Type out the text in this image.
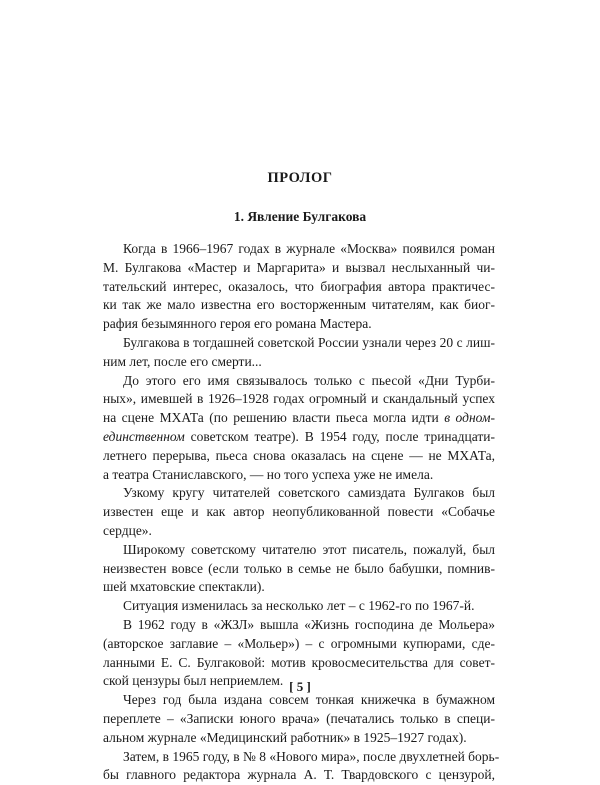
ПРОЛОГ
1. Явление Булгакова
Когда в 1966–1967 годах в журнале «Москва» появился роман
М. Булгакова «Мастер и Маргарита» и вызвал неслыханный чи-
тательский интерес, оказалось, что биография автора практичес-
ки так же мало известна его восторженным читателям, как биог-
рафия безымянного героя его романа Мастера.
Булгакова в тогдашней советской России узнали через 20 с лиш-
ним лет, после его смерти...
До этого его имя связывалось только с пьесой «Дни Турби-
ных», имевшей в 1926–1928 годах огромный и скандальный успех
на сцене МХАТа (по решению власти пьеса могла идти в одном-
единственном советском театре). В 1954 году, после тринадцати-
летнего перерыва, пьеса снова оказалась на сцене — не МХАТа,
а театра Станиславского, — но того успеха уже не имела.
Узкому кругу читателей советского самиздата Булгаков был
известен еще и как автор неопубликованной повести «Собачье
сердце».
Широкому советскому читателю этот писатель, пожалуй, был
неизвестен вовсе (если только в семье не было бабушки, помнив-
шей мхатовские спектакли).
Ситуация изменилась за несколько лет – с 1962-го по 1967-й.
В 1962 году в «ЖЗЛ» вышла «Жизнь господина де Мольера»
(авторское заглавие – «Мольер») – с огромными купюрами, сде-
ланными Е. С. Булгаковой: мотив кровосмесительства для совет-
ской цензуры был неприемлем.
Через год была издана совсем тонкая книжечка в бумажном
переплете – «Записки юного врача» (печатались только в специ-
альном журнале «Медицинский работник» в 1925–1927 годах).
Затем, в 1965 году, в № 8 «Нового мира», после двухлетней борь-
бы главного редактора журнала А. Т. Твардовского с цензурой,
[ 5 ]
